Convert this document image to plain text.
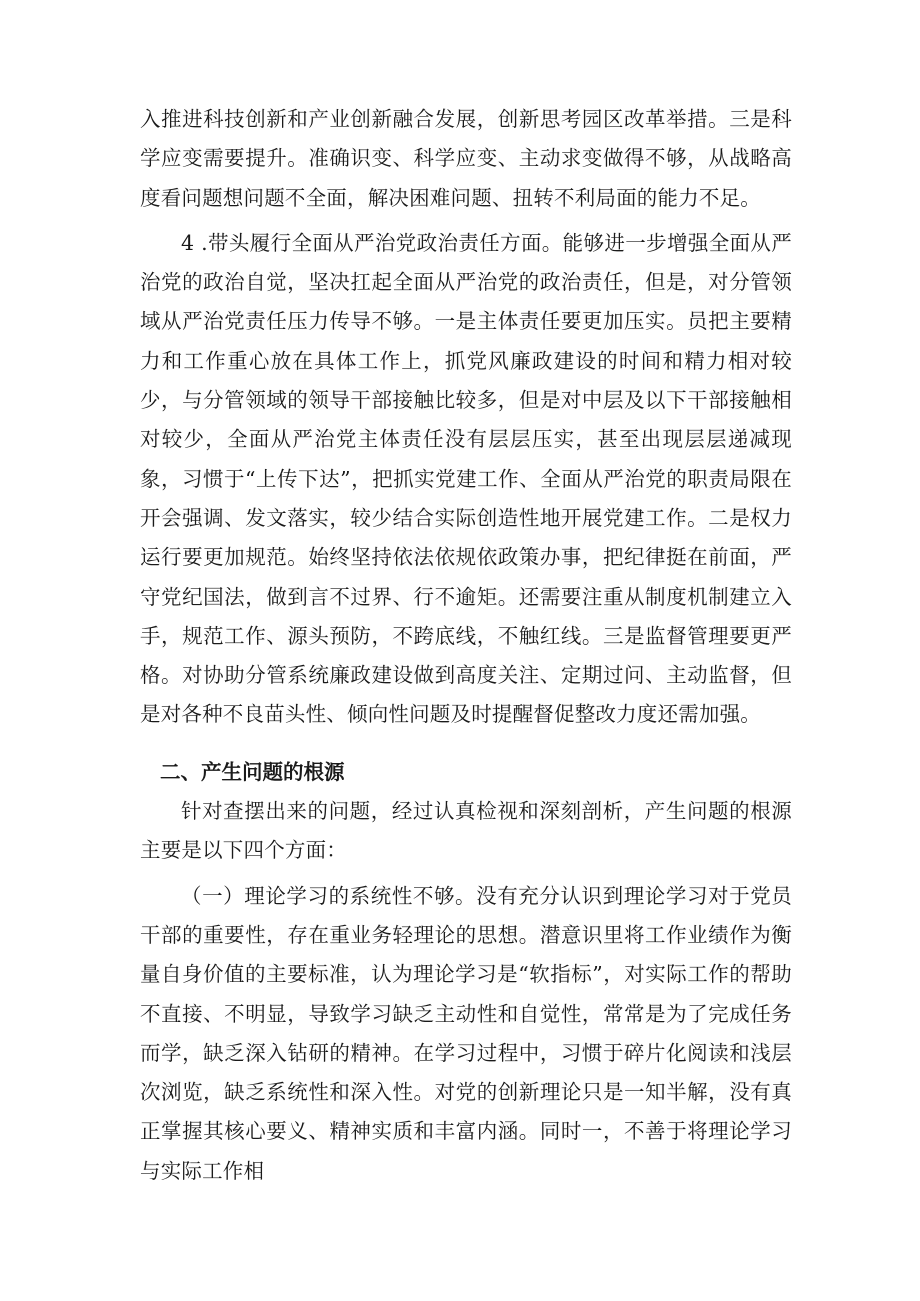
入推进科技创新和产业创新融合发展，创新思考园区改革举措。三是科学应变需要提升。准确识变、科学应变、主动求变做得不够，从战略高度看问题想问题不全面，解决困难问题、扭转不利局面的能力不足。

4 .带头履行全面从严治党政治责任方面。能够进一步增强全面从严治党的政治自觉，坚决扛起全面从严治党的政治责任，但是，对分管领域从严治党责任压力传导不够。一是主体责任要更加压实。员把主要精力和工作重心放在具体工作上，抓党风廉政建设的时间和精力相对较少，与分管领域的领导干部接触比较多，但是对中层及以下干部接触相对较少，全面从严治党主体责任没有层层压实，甚至出现层层递减现象，习惯于“上传下达”，把抓实党建工作、全面从严治党的职责局限在开会强调、发文落实，较少结合实际创造性地开展党建工作。二是权力运行要更加规范。始终坚持依法依规依政策办事，把纪律挺在前面，严守党纪国法，做到言不过界、行不逾矩。还需要注重从制度机制建立入手，规范工作、源头预防，不跨底线，不触红线。三是监督管理要更严格。对协助分管系统廉政建设做到高度关注、定期过问、主动监督，但是对各种不良苗头性、倾向性问题及时提醒督促整改力度还需加强。

二、产生问题的根源

针对查摆出来的问题，经过认真检视和深刻剖析，产生问题的根源主要是以下四个方面：

（一）理论学习的系统性不够。没有充分认识到理论学习对于党员干部的重要性，存在重业务轻理论的思想。潜意识里将工作业绩作为衡量自身价值的主要标准，认为理论学习是“软指标”，对实际工作的帮助不直接、不明显，导致学习缺乏主动性和自觉性，常常是为了完成任务而学，缺乏深入钻研的精神。在学习过程中，习惯于碎片化阅读和浅层次浏览，缺乏系统性和深入性。对党的创新理论只是一知半解，没有真正掌握其核心要义、精神实质和丰富内涵。同时一，不善于将理论学习与实际工作相
